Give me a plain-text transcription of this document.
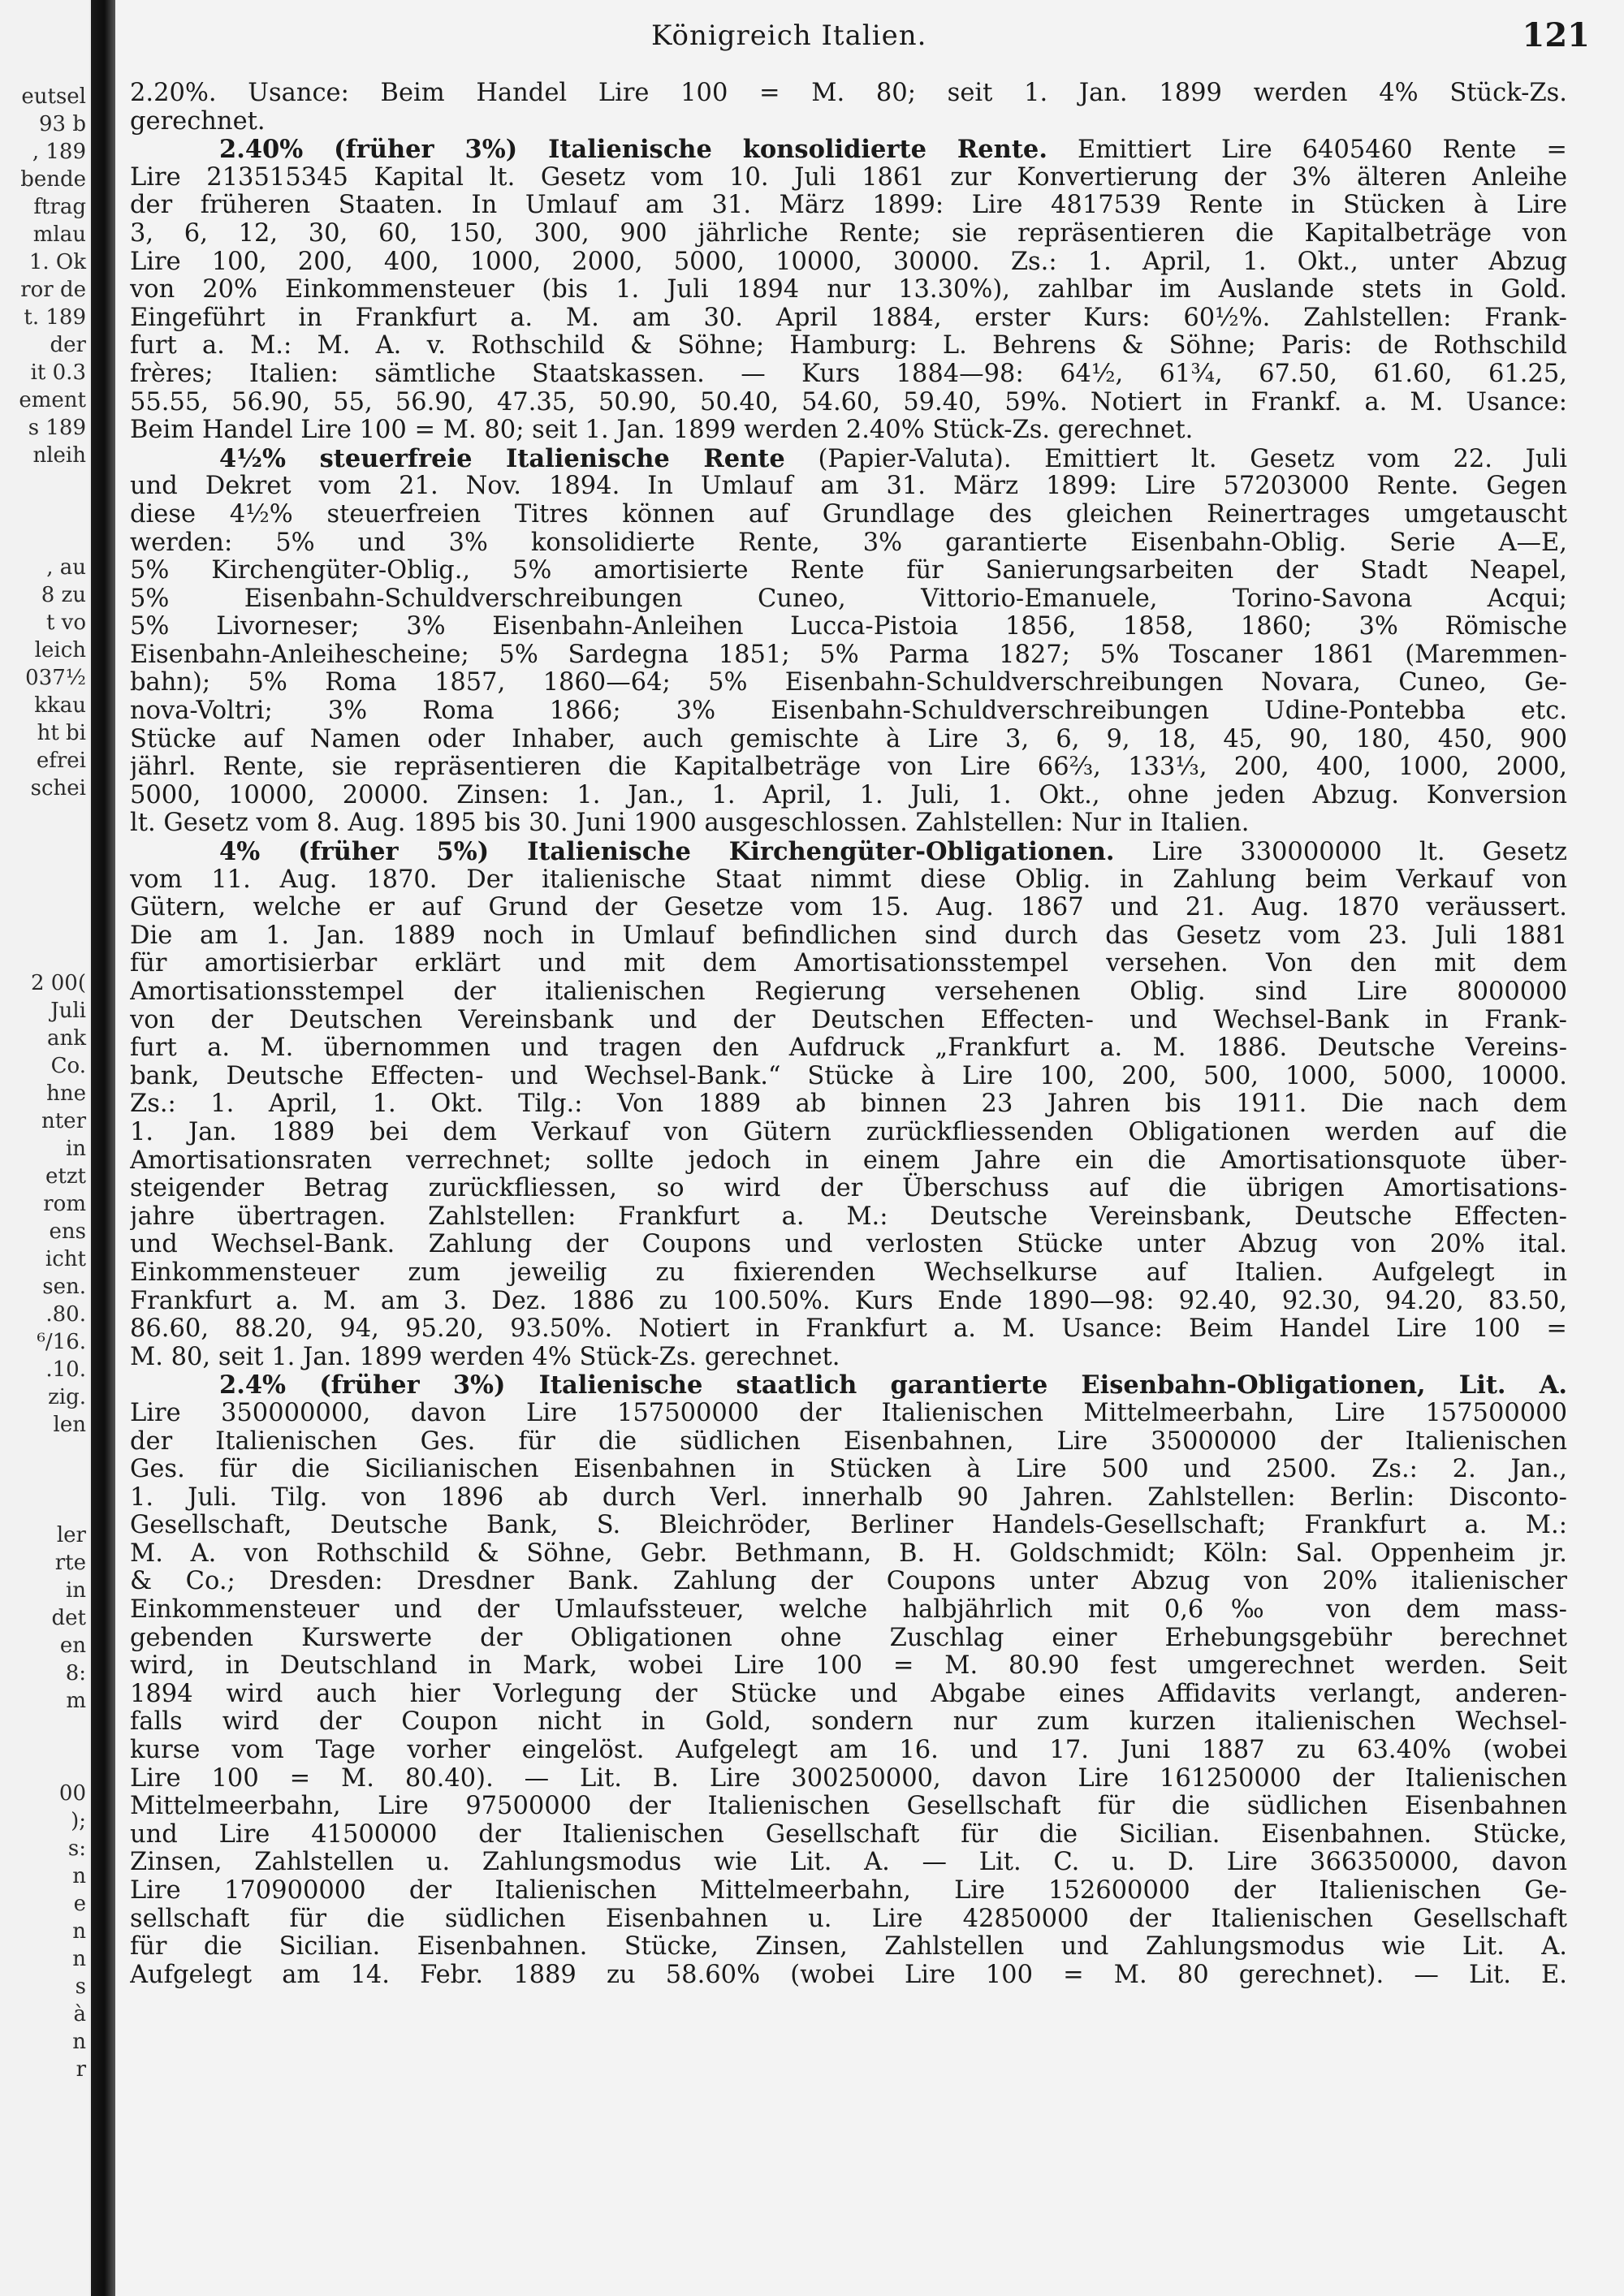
eutsel
93 b
, 189
bende
ftrag
mlau
1. Ok
ror de
t. 189
der
it 0.3
ement
s 189
nleih
, au
8 zu
t vo
leich
037½
kkau
ht bi
efrei
schei
2 00(
Juli
ank
Co.
hne
nter
in
etzt
rom
ens
icht
sen.
.80.
⁶/16.
.10.
zig.
len
ler
rte
in
det
en
8:
m
00
);
s:
n
e
n
n
s
à
n
r
Königreich Italien.	121
2.20%. Usance: Beim Handel Lire 100 = M. 80; seit 1. Jan. 1899 werden 4% Stück-Zs.
gerechnet.
2.40% (früher 3%) Italienische konsolidierte Rente. Emittiert Lire 6405460 Rente =
Lire 213515345 Kapital lt. Gesetz vom 10. Juli 1861 zur Konvertierung der 3% älteren Anleihe
der früheren Staaten. In Umlauf am 31. März 1899: Lire 4817539 Rente in Stücken à Lire
3, 6, 12, 30, 60, 150, 300, 900 jährliche Rente; sie repräsentieren die Kapitalbeträge von
Lire 100, 200, 400, 1000, 2000, 5000, 10000, 30000. Zs.: 1. April, 1. Okt., unter Abzug
von 20% Einkommensteuer (bis 1. Juli 1894 nur 13.30%), zahlbar im Auslande stets in Gold.
Eingeführt in Frankfurt a. M. am 30. April 1884, erster Kurs: 60½%. Zahlstellen: Frank-
furt a. M.: M. A. v. Rothschild & Söhne; Hamburg: L. Behrens & Söhne; Paris: de Rothschild
frères; Italien: sämtliche Staatskassen. — Kurs 1884—98: 64½, 61¾, 67.50, 61.60, 61.25,
55.55, 56.90, 55, 56.90, 47.35, 50.90, 50.40, 54.60, 59.40, 59%. Notiert in Frankf. a. M. Usance:
Beim Handel Lire 100 = M. 80; seit 1. Jan. 1899 werden 2.40% Stück-Zs. gerechnet.
4½% steuerfreie Italienische Rente (Papier-Valuta). Emittiert lt. Gesetz vom 22. Juli
und Dekret vom 21. Nov. 1894. In Umlauf am 31. März 1899: Lire 57203000 Rente. Gegen
diese 4½% steuerfreien Titres können auf Grundlage des gleichen Reinertrages umgetauscht
werden: 5% und 3% konsolidierte Rente, 3% garantierte Eisenbahn-Oblig. Serie A—E,
5% Kirchengüter-Oblig., 5% amortisierte Rente für Sanierungsarbeiten der Stadt Neapel,
5% Eisenbahn-Schuldverschreibungen Cuneo, Vittorio-Emanuele, Torino-Savona Acqui;
5% Livorneser; 3% Eisenbahn-Anleihen Lucca-Pistoia 1856, 1858, 1860; 3% Römische
Eisenbahn-Anleihescheine; 5% Sardegna 1851; 5% Parma 1827; 5% Toscaner 1861 (Maremmen-
bahn); 5% Roma 1857, 1860—64; 5% Eisenbahn-Schuldverschreibungen Novara, Cuneo, Ge-
nova-Voltri; 3% Roma 1866; 3% Eisenbahn-Schuldverschreibungen Udine-Pontebba etc.
Stücke auf Namen oder Inhaber, auch gemischte à Lire 3, 6, 9, 18, 45, 90, 180, 450, 900
jährl. Rente, sie repräsentieren die Kapitalbeträge von Lire 66⅔, 133⅓, 200, 400, 1000, 2000,
5000, 10000, 20000. Zinsen: 1. Jan., 1. April, 1. Juli, 1. Okt., ohne jeden Abzug. Konversion
lt. Gesetz vom 8. Aug. 1895 bis 30. Juni 1900 ausgeschlossen. Zahlstellen: Nur in Italien.
4% (früher 5%) Italienische Kirchengüter-Obligationen. Lire 330000000 lt. Gesetz
vom 11. Aug. 1870. Der italienische Staat nimmt diese Oblig. in Zahlung beim Verkauf von
Gütern, welche er auf Grund der Gesetze vom 15. Aug. 1867 und 21. Aug. 1870 veräussert.
Die am 1. Jan. 1889 noch in Umlauf befindlichen sind durch das Gesetz vom 23. Juli 1881
für amortisierbar erklärt und mit dem Amortisationsstempel versehen. Von den mit dem
Amortisationsstempel der italienischen Regierung versehenen Oblig. sind Lire 8000000
von der Deutschen Vereinsbank und der Deutschen Effecten- und Wechsel-Bank in Frank-
furt a. M. übernommen und tragen den Aufdruck „Frankfurt a. M. 1886. Deutsche Vereins-
bank, Deutsche Effecten- und Wechsel-Bank.“ Stücke à Lire 100, 200, 500, 1000, 5000, 10000.
Zs.: 1. April, 1. Okt. Tilg.: Von 1889 ab binnen 23 Jahren bis 1911. Die nach dem
1. Jan. 1889 bei dem Verkauf von Gütern zurückfliessenden Obligationen werden auf die
Amortisationsraten verrechnet; sollte jedoch in einem Jahre ein die Amortisationsquote über-
steigender Betrag zurückfliessen, so wird der Überschuss auf die übrigen Amortisations-
jahre übertragen. Zahlstellen: Frankfurt a. M.: Deutsche Vereinsbank, Deutsche Effecten-
und Wechsel-Bank. Zahlung der Coupons und verlosten Stücke unter Abzug von 20% ital.
Einkommensteuer zum jeweilig zu fixierenden Wechselkurse auf Italien. Aufgelegt in
Frankfurt a. M. am 3. Dez. 1886 zu 100.50%. Kurs Ende 1890—98: 92.40, 92.30, 94.20, 83.50,
86.60, 88.20, 94, 95.20, 93.50%. Notiert in Frankfurt a. M. Usance: Beim Handel Lire 100 =
M. 80, seit 1. Jan. 1899 werden 4% Stück-Zs. gerechnet.
2.4% (früher 3%) Italienische staatlich garantierte Eisenbahn-Obligationen, Lit. A.
Lire 350000000, davon Lire 157500000 der Italienischen Mittelmeerbahn, Lire 157500000
der Italienischen Ges. für die südlichen Eisenbahnen, Lire 35000000 der Italienischen
Ges. für die Sicilianischen Eisenbahnen in Stücken à Lire 500 und 2500. Zs.: 2. Jan.,
1. Juli. Tilg. von 1896 ab durch Verl. innerhalb 90 Jahren. Zahlstellen: Berlin: Disconto-
Gesellschaft, Deutsche Bank, S. Bleichröder, Berliner Handels-Gesellschaft; Frankfurt a. M.:
M. A. von Rothschild & Söhne, Gebr. Bethmann, B. H. Goldschmidt; Köln: Sal. Oppenheim jr.
& Co.; Dresden: Dresdner Bank. Zahlung der Coupons unter Abzug von 20% italienischer
Einkommensteuer und der Umlaufssteuer, welche halbjährlich mit 0,6‰ von dem mass-
gebenden Kurswerte der Obligationen ohne Zuschlag einer Erhebungsgebühr berechnet
wird, in Deutschland in Mark, wobei Lire 100 = M. 80.90 fest umgerechnet werden. Seit
1894 wird auch hier Vorlegung der Stücke und Abgabe eines Affidavits verlangt, anderen-
falls wird der Coupon nicht in Gold, sondern nur zum kurzen italienischen Wechsel-
kurse vom Tage vorher eingelöst. Aufgelegt am 16. und 17. Juni 1887 zu 63.40% (wobei
Lire 100 = M. 80.40). — Lit. B. Lire 300250000, davon Lire 161250000 der Italienischen
Mittelmeerbahn, Lire 97500000 der Italienischen Gesellschaft für die südlichen Eisenbahnen
und Lire 41500000 der Italienischen Gesellschaft für die Sicilian. Eisenbahnen. Stücke,
Zinsen, Zahlstellen u. Zahlungsmodus wie Lit. A. — Lit. C. u. D. Lire 366350000, davon
Lire 170900000 der Italienischen Mittelmeerbahn, Lire 152600000 der Italienischen Ge-
sellschaft für die südlichen Eisenbahnen u. Lire 42850000 der Italienischen Gesellschaft
für die Sicilian. Eisenbahnen. Stücke, Zinsen, Zahlstellen und Zahlungsmodus wie Lit. A.
Aufgelegt am 14. Febr. 1889 zu 58.60% (wobei Lire 100 = M. 80 gerechnet). — Lit. E.
